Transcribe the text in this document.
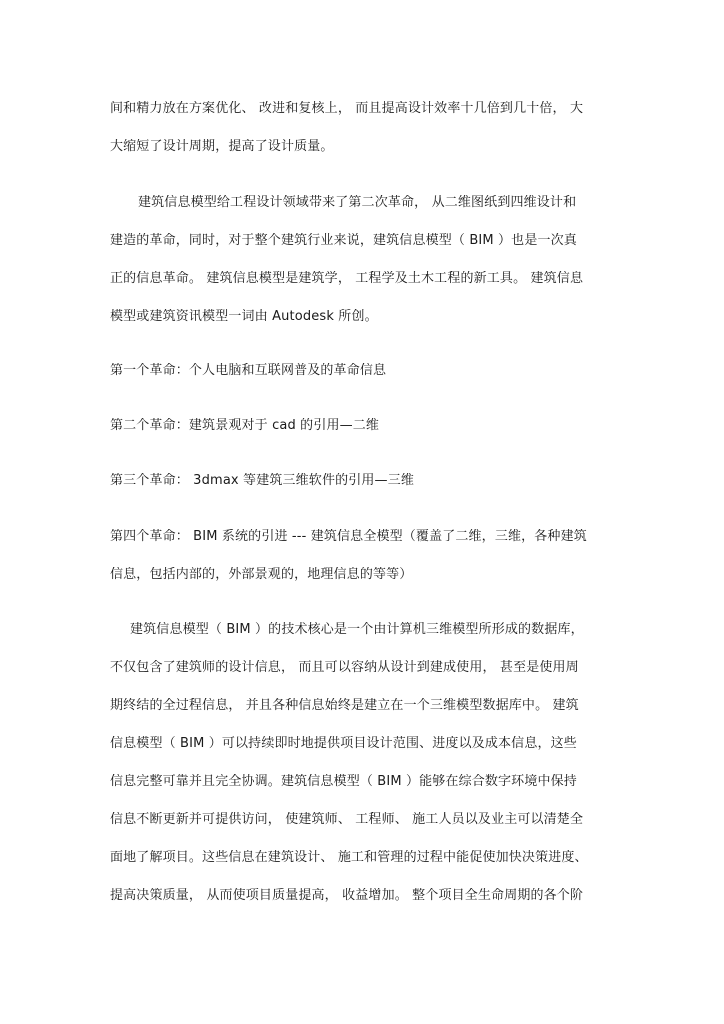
间和精力放在方案优化、 改进和复核上， 而且提高设计效率十几倍到几十倍， 大
大缩短了设计周期，提高了设计质量。
建筑信息模型给工程设计领域带来了第二次革命， 从二维图纸到四维设计和
建造的革命，同时，对于整个建筑行业来说，建筑信息模型（ BIM ）也是一次真
正的信息革命。 建筑信息模型是建筑学， 工程学及土木工程的新工具。 建筑信息
模型或建筑资讯模型一词由 Autodesk 所创。
第一个革命：个人电脑和互联网普及的革命信息
第二个革命：建筑景观对于 cad 的引用—二维
第三个革命： 3dmax 等建筑三维软件的引用—三维
第四个革命： BIM 系统的引进 --- 建筑信息全模型（覆盖了二维，三维，各种建筑
信息，包括内部的，外部景观的，地理信息的等等）
建筑信息模型（ BIM ）的技术核心是一个由计算机三维模型所形成的数据库，
不仅包含了建筑师的设计信息， 而且可以容纳从设计到建成使用， 甚至是使用周
期终结的全过程信息， 并且各种信息始终是建立在一个三维模型数据库中。 建筑
信息模型（ BIM ）可以持续即时地提供项目设计范围、进度以及成本信息，这些
信息完整可靠并且完全协调。建筑信息模型（ BIM ）能够在综合数字环境中保持
信息不断更新并可提供访问， 使建筑师、 工程师、 施工人员以及业主可以清楚全
面地了解项目。这些信息在建筑设计、 施工和管理的过程中能促使加快决策进度、
提高决策质量， 从而使项目质量提高， 收益增加。 整个项目全生命周期的各个阶
